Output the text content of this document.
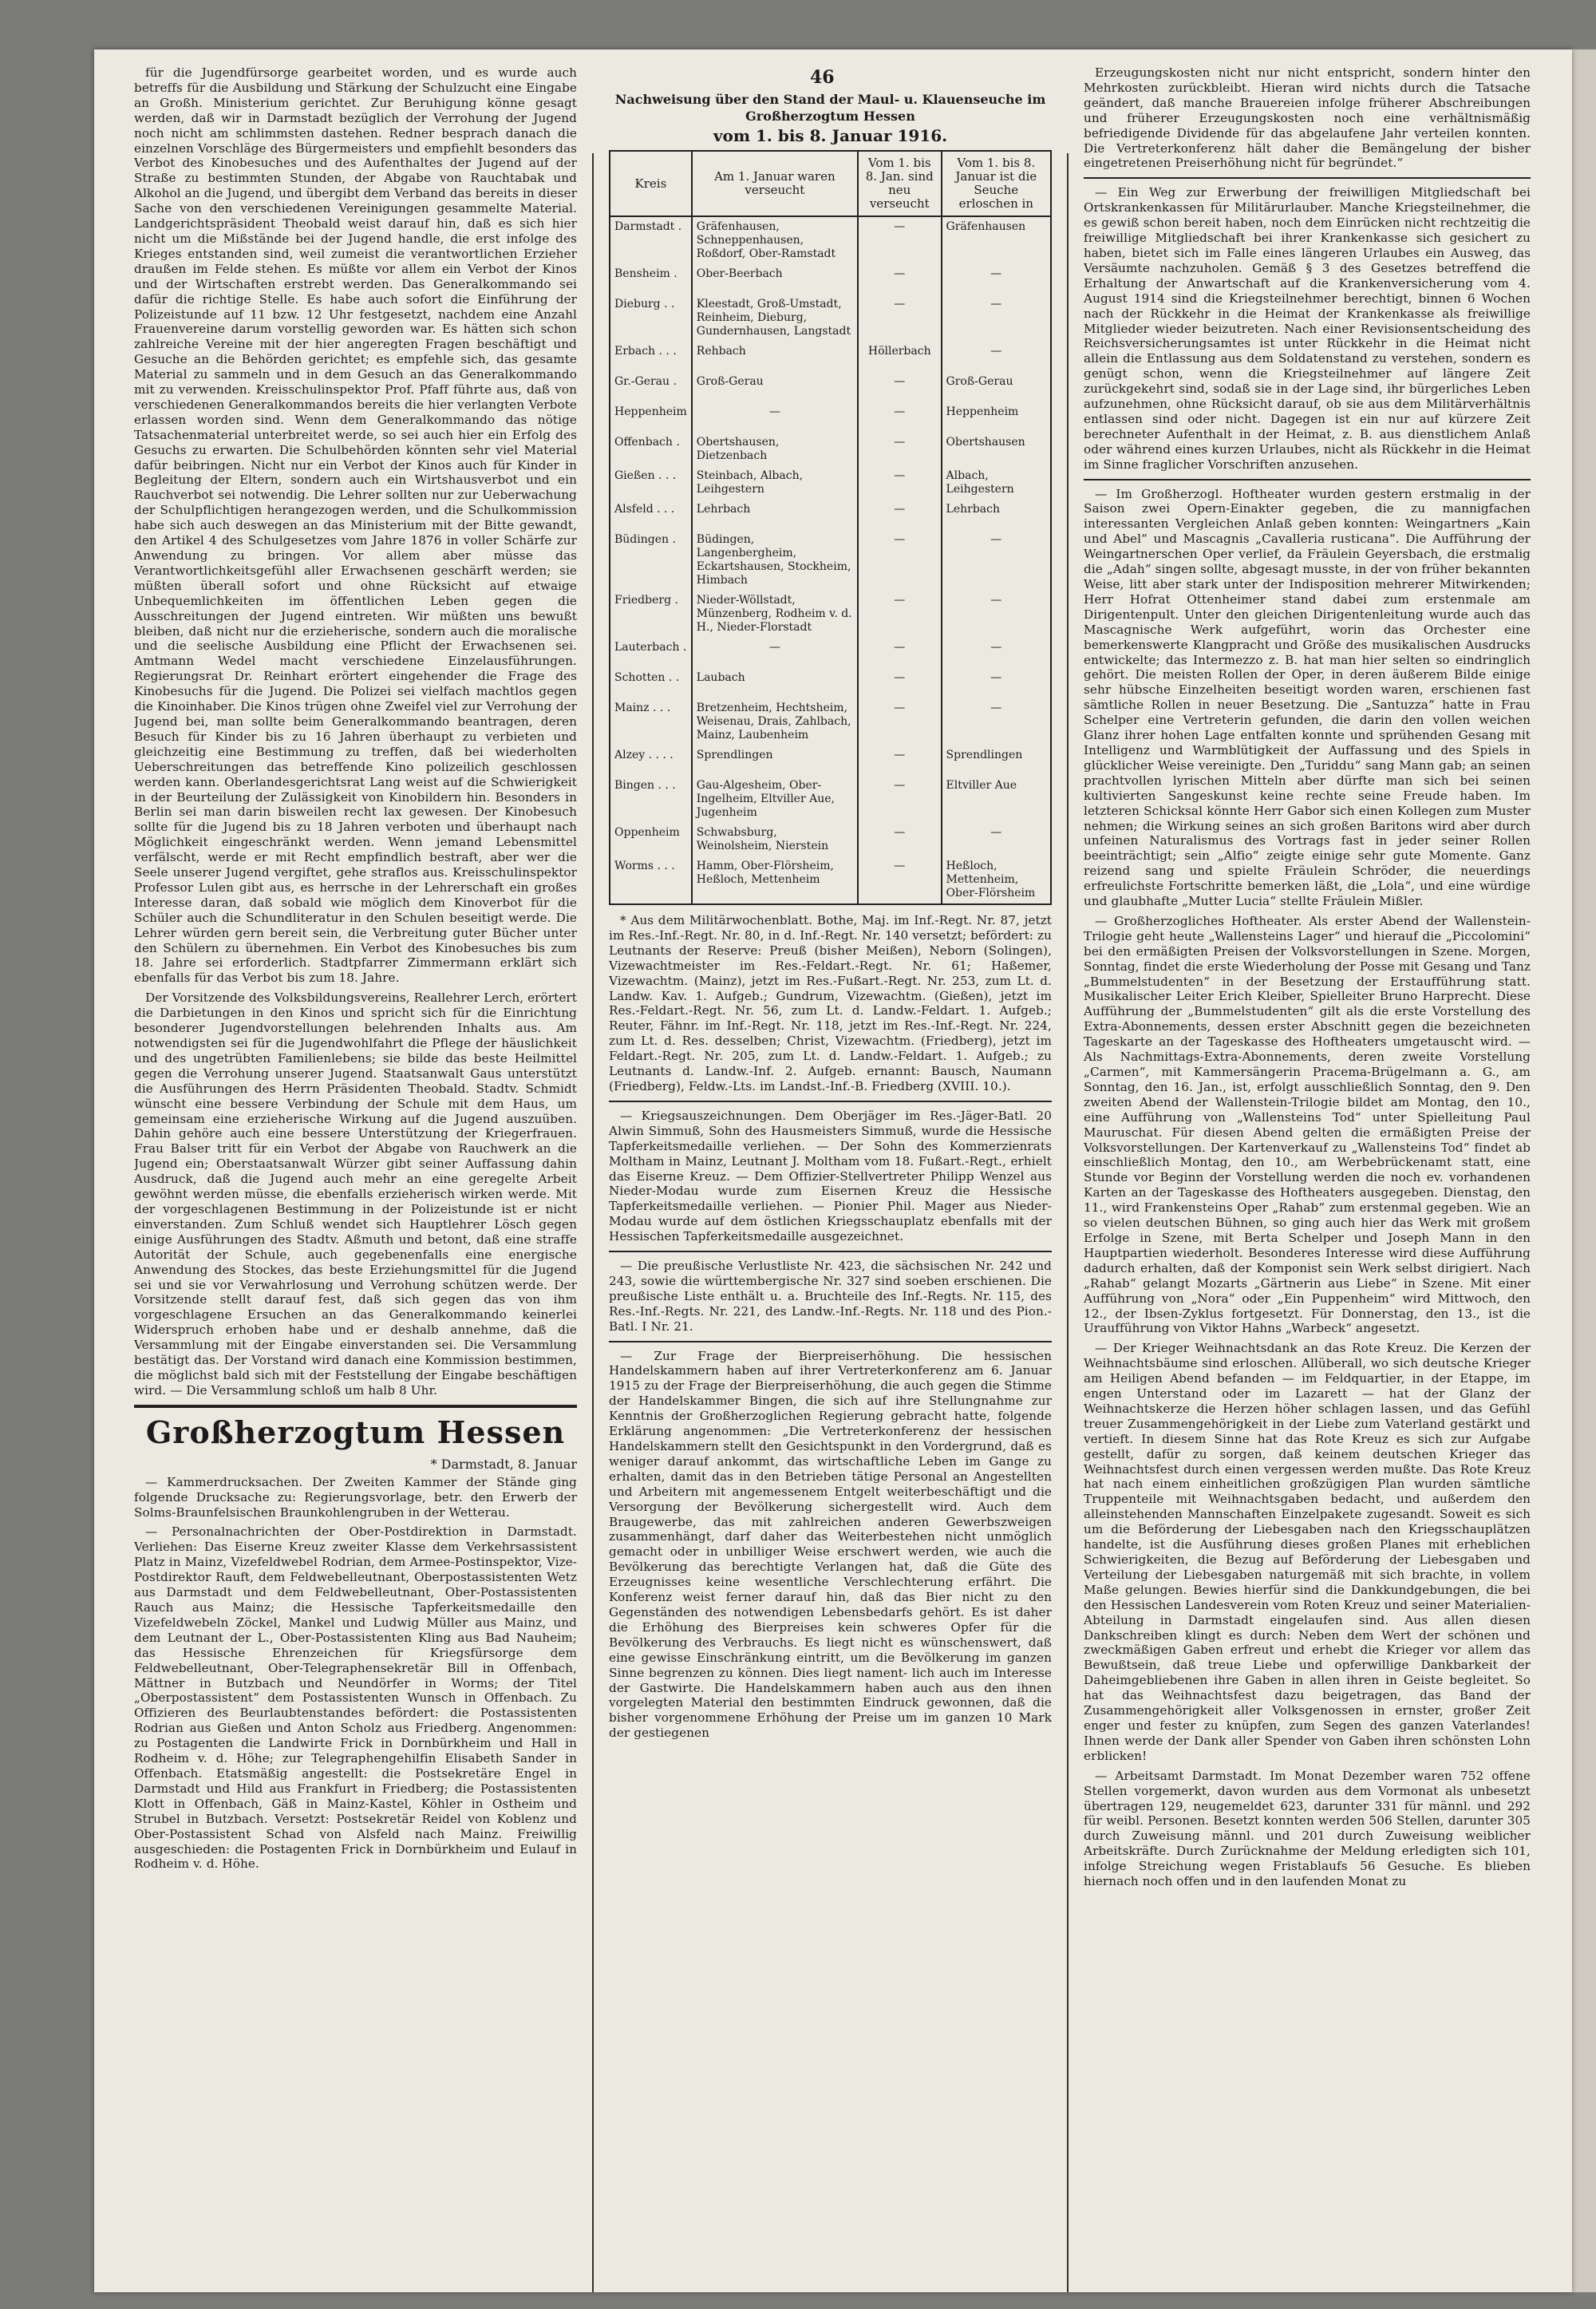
46

für die Jugendfürsorge gearbeitet worden, und es wurde auch betreffs für die Ausbildung und Stärkung der Schulzucht eine Eingabe an Großh. Ministerium gerichtet. Zur Beruhigung könne gesagt werden, daß wir in Darmstadt bezüglich der Verrohung der Jugend noch nicht am schlimmsten dastehen. Redner besprach danach die einzelnen Vorschläge des Bürgermeisters und empfiehlt besonders das Verbot des Kinobesuches und des Aufenthaltes der Jugend auf der Straße zu bestimmten Stunden, der Abgabe von Rauchtabak und Alkohol an die Jugend, und übergibt dem Verband das bereits in dieser Sache von den verschiedenen Vereinigungen gesammelte Material. Landgerichtspräsident Theobald weist darauf hin, daß es sich hier nicht um die Mißstände bei der Jugend handle, die erst infolge des Krieges entstanden sind, weil zumeist die verantwortlichen Erzieher draußen im Felde stehen. Es müßte vor allem ein Verbot der Kinos und der Wirtschaften erstrebt werden. Das Generalkommando sei dafür die richtige Stelle. Es habe auch sofort die Einführung der Polizeistunde auf 11 bzw. 12 Uhr festgesetzt, nachdem eine Anzahl Frauenvereine darum vorstellig geworden war. Es hätten sich schon zahlreiche Vereine mit der hier angeregten Fragen beschäftigt und Gesuche an die Behörden gerichtet; es empfehle sich, das gesamte Material zu sammeln und in dem Gesuch an das Generalkommando mit zu verwenden. Kreisschulinspektor Prof. Pfaff führte aus, daß von verschiedenen Generalkommandos bereits die hier verlangten Verbote erlassen worden sind. Wenn dem Generalkommando das nötige Tatsachenmaterial unterbreitet werde, so sei auch hier ein Erfolg des Gesuchs zu erwarten. Die Schulbehörden könnten sehr viel Material dafür beibringen. Nicht nur ein Verbot der Kinos auch für Kinder in Begleitung der Eltern, sondern auch ein Wirtshausverbot und ein Rauchverbot sei notwendig. Die Lehrer sollten nur zur Ueberwachung der Schulpflichtigen herangezogen werden, und die Schulkommission habe sich auch deswegen an das Ministerium mit der Bitte gewandt, den Artikel 4 des Schulgesetzes vom Jahre 1876 in voller Schärfe zur Anwendung zu bringen. Vor allem aber müsse das Verantwortlichkeitsgefühl aller Erwachsenen geschärft werden; sie müßten überall sofort und ohne Rücksicht auf etwaige Unbequemlichkeiten im öffentlichen Leben gegen die Ausschreitungen der Jugend eintreten. Wir müßten uns bewußt bleiben, daß nicht nur die erzieherische, sondern auch die moralische und die seelische Ausbildung eine Pflicht der Erwachsenen sei. Amtmann Wedel macht verschiedene Einzelausführungen. Regierungsrat Dr. Reinhart erörtert eingehender die Frage des Kinobesuchs für die Jugend. Die Polizei sei vielfach machtlos gegen die Kinoinhaber. Die Kinos trügen ohne Zweifel viel zur Verrohung der Jugend bei, man sollte beim Generalkommando beantragen, deren Besuch für Kinder bis zu 16 Jahren überhaupt zu verbieten und gleichzeitig eine Bestimmung zu treffen, daß bei wiederholten Ueberschreitungen das betreffende Kino polizeilich geschlossen werden kann. Oberlandesgerichtsrat Lang weist auf die Schwierigkeit in der Beurteilung der Zulässigkeit von Kinobildern hin. Besonders in Berlin sei man darin bisweilen recht lax gewesen. Der Kinobesuch sollte für die Jugend bis zu 18 Jahren verboten und überhaupt nach Möglichkeit eingeschränkt werden. Wenn jemand Lebensmittel verfälscht, werde er mit Recht empfindlich bestraft, aber wer die Seele unserer Jugend vergiftet, gehe straflos aus. Kreisschulinspektor Professor Lulen gibt aus, es herrsche in der Lehrerschaft ein großes Interesse daran, daß sobald wie möglich dem Kinoverbot für die Schüler auch die Schundliteratur in den Schulen beseitigt werde. Die Lehrer würden gern bereit sein, die Verbreitung guter Bücher unter den Schülern zu übernehmen. Ein Verbot des Kinobesuches bis zum 18. Jahre sei erforderlich. Stadtpfarrer Zimmermann erklärt sich ebenfalls für das Verbot bis zum 18. Jahre.

Der Vorsitzende des Volksbildungsvereins, Reallehrer Lerch, erörtert die Darbietungen in den Kinos und spricht sich für die Einrichtung besonderer Jugendvorstellungen belehrenden Inhalts aus. Am notwendigsten sei für die Jugendwohlfahrt die Pflege der häuslichkeit und des ungetrübten Familienlebens; sie bilde das beste Heilmittel gegen die Verrohung unserer Jugend. Staatsanwalt Gaus unterstützt die Ausführungen des Herrn Präsidenten Theobald. Stadtv. Schmidt wünscht eine bessere Verbindung der Schule mit dem Haus, um gemeinsam eine erzieherische Wirkung auf die Jugend auszuüben. Dahin gehöre auch eine bessere Unterstützung der Kriegerfrauen. Frau Balser tritt für ein Verbot der Abgabe von Rauchwerk an die Jugend ein; Oberstaatsanwalt Würzer gibt seiner Auffassung dahin Ausdruck, daß die Jugend auch mehr an eine geregelte Arbeit gewöhnt werden müsse, die ebenfalls erzieherisch wirken werde. Mit der vorgeschlagenen Bestimmung in der Polizeistunde ist er nicht einverstanden. Zum Schluß wendet sich Hauptlehrer Lösch gegen einige Ausführungen des Stadtv. Aßmuth und betont, daß eine straffe Autorität der Schule, auch gegebenenfalls eine energische Anwendung des Stockes, das beste Erziehungsmittel für die Jugend sei und sie vor Verwahrlosung und Verrohung schützen werde. Der Vorsitzende stellt darauf fest, daß sich gegen das von ihm vorgeschlagene Ersuchen an das Generalkommando keinerlei Widerspruch erhoben habe und er deshalb annehme, daß die Versammlung mit der Eingabe einverstanden sei. Die Versammlung bestätigt das. Der Vorstand wird danach eine Kommission bestimmen, die möglichst bald sich mit der Feststellung der Eingabe beschäftigen wird. — Die Versammlung schloß um halb 8 Uhr.

Großherzogtum Hessen
* Darmstadt, 8. Januar

— Kammerdrucksachen. Der Zweiten Kammer der Stände ging folgende Drucksache zu: Regierungsvorlage, betr. den Erwerb der Solms-Braunfelsischen Braunkohlengruben in der Wetterau.

— Personalnachrichten der Ober-Postdirektion in Darmstadt. Verliehen: Das Eiserne Kreuz zweiter Klasse dem Verkehrsassistent Platz in Mainz, Vizefeldwebel Rodrian, dem Armee-Postinspektor, Vize-Postdirektor Rauft, dem Feldwebelleutnant, Oberpostassistenten Wetz aus Darmstadt und dem Feldwebelleutnant, Ober-Postassistenten Rauch aus Mainz; die Hessische Tapferkeitsmedaille den Vizefeldwebeln Zöckel, Mankel und Ludwig Müller aus Mainz, und dem Leutnant der L., Ober-Postassistenten Kling aus Bad Nauheim; das Hessische Ehrenzeichen für Kriegsfürsorge dem Feldwebelleutnant, Ober-Telegraphensekretär Bill in Offenbach, Mättner in Butzbach und Neundörfer in Worms; der Titel „Oberpostassistent“ dem Postassistenten Wunsch in Offenbach. Zu Offizieren des Beurlaubtenstandes befördert: die Postassistenten Rodrian aus Gießen und Anton Scholz aus Friedberg. Angenommen: zu Postagenten die Landwirte Frick in Dornbürkheim und Hall in Rodheim v. d. Höhe; zur Telegraphengehilfin Elisabeth Sander in Offenbach. Etatsmäßig angestellt: die Postsekretäre Engel in Darmstadt und Hild aus Frankfurt in Friedberg; die Postassistenten Klott in Offenbach, Gäß in Mainz-Kastel, Köhler in Ostheim und Strubel in Butzbach. Versetzt: Postsekretär Reidel von Koblenz und Ober-Postassistent Schad von Alsfeld nach Mainz. Freiwillig ausgeschieden: die Postagenten Frick in Dornbürkheim und Eulauf in Rodheim v. d. Höhe.

Nachweisung über den Stand der Maul- u. Klauenseuche im Großherzogtum Hessen
vom 1. bis 8. Januar 1916.
Kreis	Am 1. Januar waren verseucht	Vom 1. bis 8. Jan. sind neu verseucht	Vom 1. bis 8. Januar ist die Seuche erloschen in
Darmstadt .	Gräfenhausen, Schneppenhausen, Roßdorf, Ober-Ramstadt	—	Gräfenhausen
Bensheim .	Ober-Beerbach	—	—
Dieburg . .	Kleestadt, Groß-Umstadt, Reinheim, Dieburg, Gundernhausen, Langstadt	—	—
Erbach . . .	Rehbach	Höllerbach	—
Gr.-Gerau .	Groß-Gerau	—	Groß-Gerau
Heppenheim	—	—	Heppenheim
Offenbach .	Obertshausen, Dietzenbach	—	Obertshausen
Gießen . . .	Steinbach, Albach, Leihgestern	—	Albach, Leihgestern
Alsfeld . . .	Lehrbach	—	Lehrbach
Büdingen .	Büdingen, Langenbergheim, Eckartshausen, Stockheim, Himbach	—	—
Friedberg .	Nieder-Wöllstadt, Münzenberg, Rodheim v. d. H., Nieder-Florstadt	—	—
Lauterbach .	—	—	—
Schotten . .	Laubach	—	—
Mainz . . .	Bretzenheim, Hechtsheim, Weisenau, Drais, Zahlbach, Mainz, Laubenheim	—	—
Alzey . . . .	Sprendlingen	—	Sprendlingen
Bingen . . .	Gau-Algesheim, Ober-Ingelheim, Eltviller Aue, Jugenheim	—	Eltviller Aue
Oppenheim	Schwabsburg, Weinolsheim, Nierstein	—	—
Worms . . .	Hamm, Ober-Flörsheim, Heßloch, Mettenheim	—	Heßloch, Mettenheim, Ober-Flörsheim

* Aus dem Militärwochenblatt. Bothe, Maj. im Inf.-Regt. Nr. 87, jetzt im Res.-Inf.-Regt. Nr. 80, in d. Inf.-Regt. Nr. 140 versetzt; befördert: zu Leutnants der Reserve: Preuß (bisher Meißen), Neborn (Solingen), Vizewachtmeister im Res.-Feldart.-Regt. Nr. 61; Haßemer, Vizewachtm. (Mainz), jetzt im Res.-Fußart.-Regt. Nr. 253, zum Lt. d. Landw. Kav. 1. Aufgeb.; Gundrum, Vizewachtm. (Gießen), jetzt im Res.-Feldart.-Regt. Nr. 56, zum Lt. d. Landw.-Feldart. 1. Aufgeb.; Reuter, Fähnr. im Inf.-Regt. Nr. 118, jetzt im Res.-Inf.-Regt. Nr. 224, zum Lt. d. Res. desselben; Christ, Vizewachtm. (Friedberg), jetzt im Feldart.-Regt. Nr. 205, zum Lt. d. Landw.-Feldart. 1. Aufgeb.; zu Leutnants d. Landw.-Inf. 2. Aufgeb. ernannt: Bausch, Naumann (Friedberg), Feldw.-Lts. im Landst.-Inf.-B. Friedberg (XVIII. 10.).

— Kriegsauszeichnungen. Dem Oberjäger im Res.-Jäger-Batl. 20 Alwin Simmuß, Sohn des Hausmeisters Simmuß, wurde die Hessische Tapferkeitsmedaille verliehen. — Der Sohn des Kommerzienrats Moltham in Mainz, Leutnant J. Moltham vom 18. Fußart.-Regt., erhielt das Eiserne Kreuz. — Dem Offizier-Stellvertreter Philipp Wenzel aus Nieder-Modau wurde zum Eisernen Kreuz die Hessische Tapferkeitsmedaille verliehen. — Pionier Phil. Mager aus Nieder-Modau wurde auf dem östlichen Kriegsschauplatz ebenfalls mit der Hessischen Tapferkeitsmedaille ausgezeichnet.

— Die preußische Verlustliste Nr. 423, die sächsischen Nr. 242 und 243, sowie die württembergische Nr. 327 sind soeben erschienen. Die preußische Liste enthält u. a. Bruchteile des Inf.-Regts. Nr. 115, des Res.-Inf.-Regts. Nr. 221, des Landw.-Inf.-Regts. Nr. 118 und des Pion.-Batl. I Nr. 21.

— Zur Frage der Bierpreiserhöhung. Die hessischen Handelskammern haben auf ihrer Vertreterkonferenz am 6. Januar 1915 zu der Frage der Bierpreiserhöhung, die auch gegen die Stimme der Handelskammer Bingen, die sich auf ihre Stellungnahme zur Kenntnis der Großherzoglichen Regierung gebracht hatte, folgende Erklärung angenommen: „Die Vertreterkonferenz der hessischen Handelskammern stellt den Gesichtspunkt in den Vordergrund, daß es weniger darauf ankommt, das wirtschaftliche Leben im Gange zu erhalten, damit das in den Betrieben tätige Personal an Angestellten und Arbeitern mit angemessenem Entgelt weiterbeschäftigt und die Versorgung der Bevölkerung sichergestellt wird. Auch dem Braugewerbe, das mit zahlreichen anderen Gewerbszweigen zusammenhängt, darf daher das Weiterbestehen nicht unmöglich gemacht oder in unbilliger Weise erschwert werden, wie auch die Bevölkerung das berechtigte Verlangen hat, daß die Güte des Erzeugnisses keine wesentliche Verschlechterung erfährt. Die Konferenz weist ferner darauf hin, daß das Bier nicht zu den Gegenständen des notwendigen Lebensbedarfs gehört. Es ist daher die Erhöhung des Bierpreises kein schweres Opfer für die Bevölkerung des Verbrauchs. Es liegt nicht es wünschenswert, daß eine gewisse Einschränkung eintritt, um die Bevölkerung im ganzen Sinne begrenzen zu können. Dies liegt nament- lich auch im Interesse der Gastwirte. Die Handelskammern haben auch aus den ihnen vorgelegten Material den bestimmten Eindruck gewonnen, daß die bisher vorgenommene Erhöhung der Preise um im ganzen 10 Mark der gestiegenen

Erzeugungskosten nicht nur nicht entspricht, sondern hinter den Mehrkosten zurückbleibt. Hieran wird nichts durch die Tatsache geändert, daß manche Brauereien infolge früherer Abschreibungen und früherer Erzeugungskosten noch eine verhältnismäßig befriedigende Dividende für das abgelaufene Jahr verteilen konnten. Die Vertreterkonferenz hält daher die Bemängelung der bisher eingetretenen Preiserhöhung nicht für begründet.“

— Ein Weg zur Erwerbung der freiwilligen Mitgliedschaft bei Ortskrankenkassen für Militärurlauber. Manche Kriegsteilnehmer, die es gewiß schon bereit haben, noch dem Einrücken nicht rechtzeitig die freiwillige Mitgliedschaft bei ihrer Krankenkasse sich gesichert zu haben, bietet sich im Falle eines längeren Urlaubes ein Ausweg, das Versäumte nachzuholen. Gemäß § 3 des Gesetzes betreffend die Erhaltung der Anwartschaft auf die Krankenversicherung vom 4. August 1914 sind die Kriegsteilnehmer berechtigt, binnen 6 Wochen nach der Rückkehr in die Heimat der Krankenkasse als freiwillige Mitglieder wieder beizutreten. Nach einer Revisionsentscheidung des Reichsversicherungsamtes ist unter Rückkehr in die Heimat nicht allein die Entlassung aus dem Soldatenstand zu verstehen, sondern es genügt schon, wenn die Kriegsteilnehmer auf längere Zeit zurückgekehrt sind, sodaß sie in der Lage sind, ihr bürgerliches Leben aufzunehmen, ohne Rücksicht darauf, ob sie aus dem Militärverhältnis entlassen sind oder nicht. Dagegen ist ein nur auf kürzere Zeit berechneter Aufenthalt in der Heimat, z. B. aus dienstlichem Anlaß oder während eines kurzen Urlaubes, nicht als Rückkehr in die Heimat im Sinne fraglicher Vorschriften anzusehen.

— Im Großherzogl. Hoftheater wurden gestern erstmalig in der Saison zwei Opern-Einakter gegeben, die zu mannigfachen interessanten Vergleichen Anlaß geben konnten: Weingartners „Kain und Abel“ und Mascagnis „Cavalleria rusticana“. Die Aufführung der Weingartnerschen Oper verlief, da Fräulein Geyersbach, die erstmalig die „Adah“ singen sollte, abgesagt musste, in der von früher bekannten Weise, litt aber stark unter der Indisposition mehrerer Mitwirkenden; Herr Hofrat Ottenheimer stand dabei zum erstenmale am Dirigentenpult. Unter den gleichen Dirigentenleitung wurde auch das Mascagnische Werk aufgeführt, worin das Orchester eine bemerkenswerte Klangpracht und Größe des musikalischen Ausdrucks entwickelte; das Intermezzo z. B. hat man hier selten so eindringlich gehört. Die meisten Rollen der Oper, in deren äußerem Bilde einige sehr hübsche Einzelheiten beseitigt worden waren, erschienen fast sämtliche Rollen in neuer Besetzung. Die „Santuzza“ hatte in Frau Schelper eine Vertreterin gefunden, die darin den vollen weichen Glanz ihrer hohen Lage entfalten konnte und sprühenden Gesang mit Intelligenz und Warmblütigkeit der Auffassung und des Spiels in glücklicher Weise vereinigte. Den „Turiddu“ sang Mann gab; an seinen prachtvollen lyrischen Mitteln aber dürfte man sich bei seinen kultivierten Sangeskunst keine rechte seine Freude haben. Im letzteren Schicksal könnte Herr Gabor sich einen Kollegen zum Muster nehmen; die Wirkung seines an sich großen Baritons wird aber durch unfeinen Naturalismus des Vortrags fast in jeder seiner Rollen beeinträchtigt; sein „Alfio“ zeigte einige sehr gute Momente. Ganz reizend sang und spielte Fräulein Schröder, die neuerdings erfreulichste Fortschritte bemerken läßt, die „Lola“, und eine würdige und glaubhafte „Mutter Lucia“ stellte Fräulein Mißler.

— Großherzogliches Hoftheater. Als erster Abend der Wallenstein-Trilogie geht heute „Wallensteins Lager“ und hierauf die „Piccolomini“ bei den ermäßigten Preisen der Volksvorstellungen in Szene. Morgen, Sonntag, findet die erste Wiederholung der Posse mit Gesang und Tanz „Bummelstudenten“ in der Besetzung der Erstaufführung statt. Musikalischer Leiter Erich Kleiber, Spielleiter Bruno Harprecht. Diese Aufführung der „Bummelstudenten“ gilt als die erste Vorstellung des Extra-Abonnements, dessen erster Abschnitt gegen die bezeichneten Tageskarte an der Tageskasse des Hoftheaters umgetauscht wird. — Als Nachmittags-Extra-Abonnements, deren zweite Vorstellung „Carmen“, mit Kammersängerin Pracema-Brügelmann a. G., am Sonntag, den 16. Jan., ist, erfolgt ausschließlich Sonntag, den 9. Den zweiten Abend der Wallenstein-Trilogie bildet am Montag, den 10., eine Aufführung von „Wallensteins Tod“ unter Spielleitung Paul Mauruschat. Für diesen Abend gelten die ermäßigten Preise der Volksvorstellungen. Der Kartenverkauf zu „Wallensteins Tod“ findet ab einschließlich Montag, den 10., am Werbebrückenamt statt, eine Stunde vor Beginn der Vorstellung werden die noch ev. vorhandenen Karten an der Tageskasse des Hoftheaters ausgegeben. Dienstag, den 11., wird Frankensteins Oper „Rahab“ zum erstenmal gegeben. Wie an so vielen deutschen Bühnen, so ging auch hier das Werk mit großem Erfolge in Szene, mit Berta Schelper und Joseph Mann in den Hauptpartien wiederholt. Besonderes Interesse wird diese Aufführung dadurch erhalten, daß der Komponist sein Werk selbst dirigiert. Nach „Rahab“ gelangt Mozarts „Gärtnerin aus Liebe“ in Szene. Mit einer Aufführung von „Nora“ oder „Ein Puppenheim“ wird Mittwoch, den 12., der Ibsen-Zyklus fortgesetzt. Für Donnerstag, den 13., ist die Uraufführung von Viktor Hahns „Warbeck“ angesetzt.

— Der Krieger Weihnachtsdank an das Rote Kreuz. Die Kerzen der Weihnachtsbäume sind erloschen. Allüberall, wo sich deutsche Krieger am Heiligen Abend befanden — im Feldquartier, in der Etappe, im engen Unterstand oder im Lazarett — hat der Glanz der Weihnachtskerze die Herzen höher schlagen lassen, und das Gefühl treuer Zusammengehörigkeit in der Liebe zum Vaterland gestärkt und vertieft. In diesem Sinne hat das Rote Kreuz es sich zur Aufgabe gestellt, dafür zu sorgen, daß keinem deutschen Krieger das Weihnachtsfest durch einen vergessen werden mußte. Das Rote Kreuz hat nach einem einheitlichen großzügigen Plan wurden sämtliche Truppenteile mit Weihnachtsgaben bedacht, und außerdem den alleinstehenden Mannschaften Einzelpakete zugesandt. Soweit es sich um die Beförderung der Liebesgaben nach den Kriegsschauplätzen handelte, ist die Ausführung dieses großen Planes mit erheblichen Schwierigkeiten, die Bezug auf Beförderung der Liebesgaben und Verteilung der Liebesgaben naturgemäß mit sich brachte, in vollem Maße gelungen. Bewies hierfür sind die Dankkundgebungen, die bei den Hessischen Landesverein vom Roten Kreuz und seiner Materialien-Abteilung in Darmstadt eingelaufen sind. Aus allen diesen Dankschreiben klingt es durch: Neben dem Wert der schönen und zweckmäßigen Gaben erfreut und erhebt die Krieger vor allem das Bewußtsein, daß treue Liebe und opferwillige Dankbarkeit der Daheimgebliebenen ihre Gaben in allen ihren in Geiste begleitet. So hat das Weihnachtsfest dazu beigetragen, das Band der Zusammengehörigkeit aller Volksgenossen in ernster, großer Zeit enger und fester zu knüpfen, zum Segen des ganzen Vaterlandes! Ihnen werde der Dank aller Spender von Gaben ihren schönsten Lohn erblicken!

— Arbeitsamt Darmstadt. Im Monat Dezember waren 752 offene Stellen vorgemerkt, davon wurden aus dem Vormonat als unbesetzt übertragen 129, neugemeldet 623, darunter 331 für männl. und 292 für weibl. Personen. Besetzt konnten werden 506 Stellen, darunter 305 durch Zuweisung männl. und 201 durch Zuweisung weiblicher Arbeitskräfte. Durch Zurücknahme der Meldung erledigten sich 101, infolge Streichung wegen Fristablaufs 56 Gesuche. Es blieben hiernach noch offen und in den laufenden Monat zu
